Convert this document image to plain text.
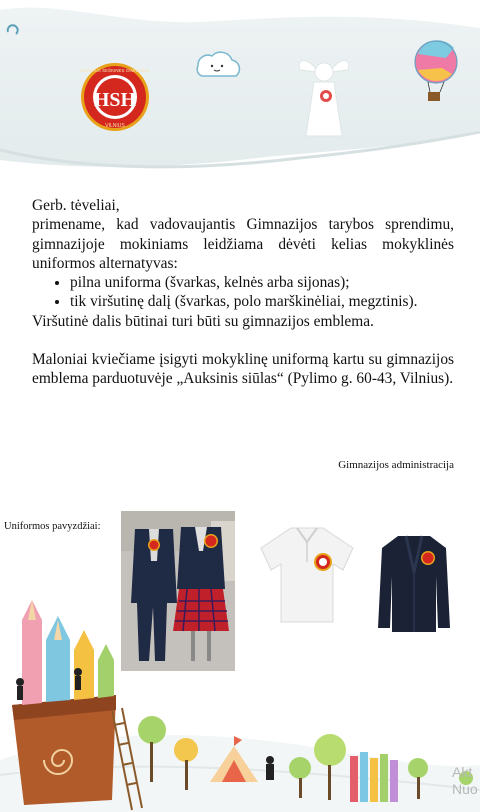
HSH
VILNIAUS ŠEŠKINĖS GIMNAZIJA
VILNIUS

Gerb. tėveliai,

primename, kad vadovaujantis Gimnazijos tarybos sprendimu, gimnazijoje mokiniams leidžiama dėvėti kelias mokyklinės uniformos alternatyvas:

• pilna uniforma (švarkas, kelnės arba sijonas);
• tik viršutinę dalį (švarkas, polo marškinėliai, megztinis).

Viršutinė dalis būtinai turi būti su gimnazijos emblema.

Maloniai kviečiame įsigyti mokyklinę uniformą kartu su gimnazijos emblema parduotuvėje „Auksinis siūlas“ (Pylimo g. 60-43, Vilnius).

Gimnazijos administracija
Uniformos pavyzdžiai:
Akt
Nuo
